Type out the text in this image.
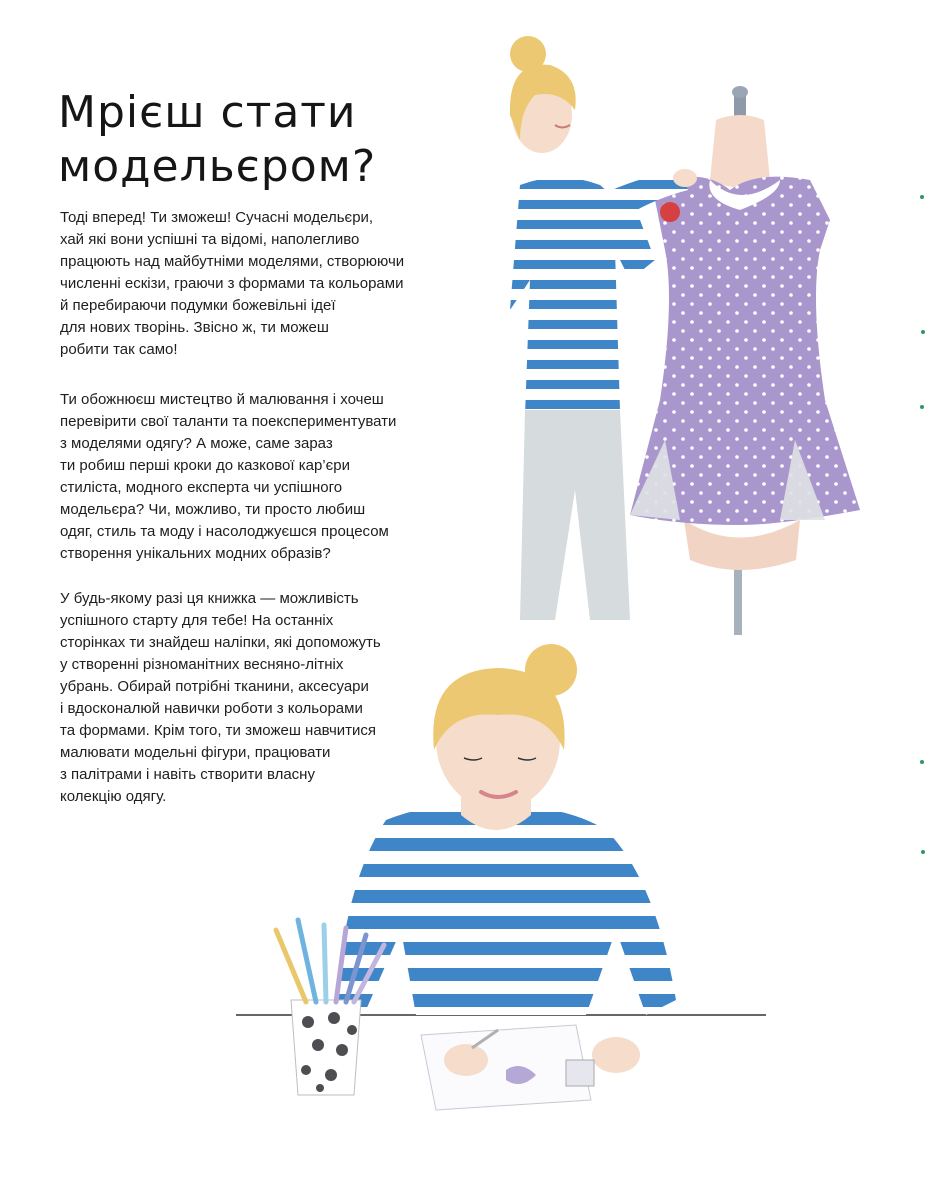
Мрієш стати
модельєром?
Тоді вперед! Ти зможеш! Сучасні модельєри,
хай які вони успішні та відомі, наполегливо
працюють над майбутніми моделями, створюючи
численні ескізи, граючи з формами та кольорами
й перебираючи подумки божевільні ідеї
для нових творінь. Звісно ж, ти можеш
робити так само!
Ти обожнюєш мистецтво й малювання і хочеш
перевірити свої таланти та поекспериментувати
з моделями одягу? А може, саме зараз
ти робиш перші кроки до казкової кар’єри
стиліста, модного експерта чи успішного
модельєра? Чи, можливо, ти просто любиш
одяг, стиль та моду і насолоджуєшся процесом
створення унікальних модних образів?
У будь-якому разі ця книжка — можливість
успішного старту для тебе! На останніх
сторінках ти знайдеш наліпки, які допоможуть
у створенні різноманітних весняно-літніх
убрань. Обирай потрібні тканини, аксесуари
і вдосконалюй навички роботи з кольорами
та формами. Крім того, ти зможеш навчитися
малювати модельні фігури, працювати
з палітрами і навіть створити власну
колекцію одягу.
